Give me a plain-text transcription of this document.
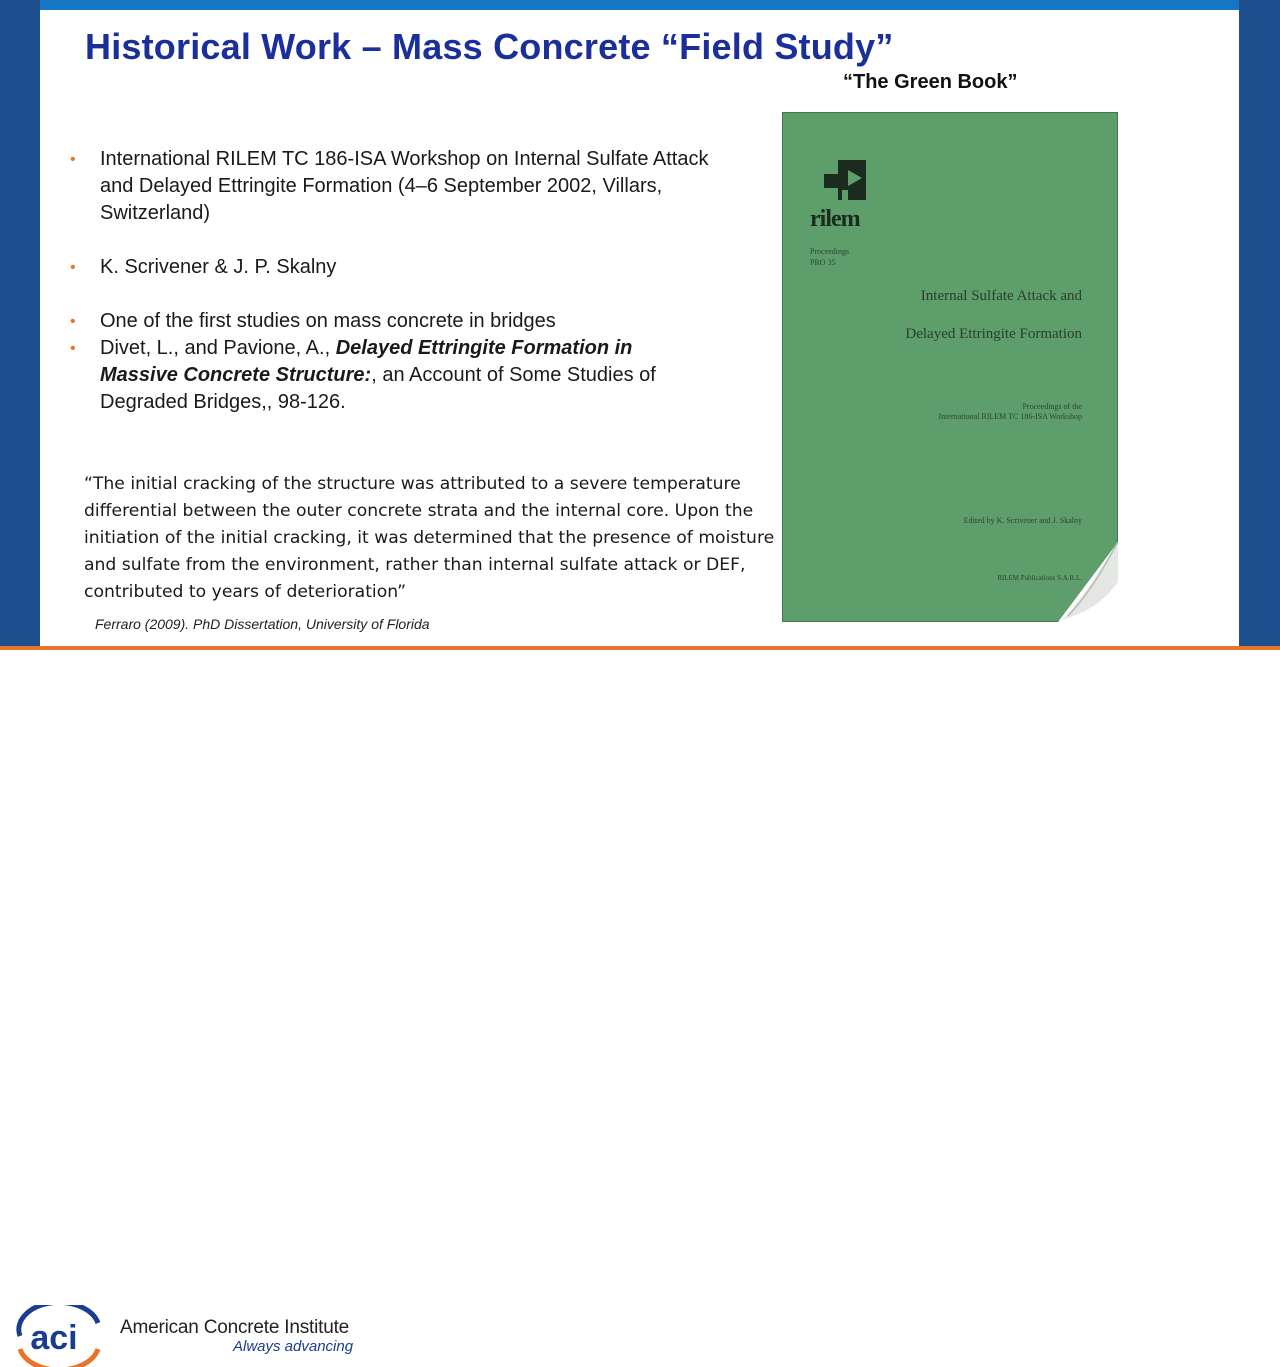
Historical Work – Mass Concrete “Field Study”
“The Green Book”
• International RILEM TC 186-ISA Workshop on Internal Sulfate Attack and Delayed Ettringite Formation (4–6 September 2002, Villars, Switzerland)
• K. Scrivener & J. P. Skalny
• One of the first studies on mass concrete in bridges
• Divet, L., and Pavione, A., Delayed Ettringite Formation in Massive Concrete Structure:, an Account of Some Studies of Degraded Bridges,, 98-126.
“The initial cracking of the structure was attributed to a severe temperature differential between the outer concrete strata and the internal core. Upon the initiation of the initial cracking, it was determined that the presence of moisture and sulfate from the environment, rather than internal sulfate attack or DEF, contributed to years of deterioration”
Ferraro (2009). PhD Dissertation, University of Florida
rilem
Proceedings
PRO 35
Internal Sulfate Attack and
Delayed Ettringite Formation
Proceedings of the
International RILEM TC 186-ISA Workshop
Edited by K. Scrivener and J. Skalny
RILEM Publications S.A.R.L.
aci American Concrete Institute
Always advancing
